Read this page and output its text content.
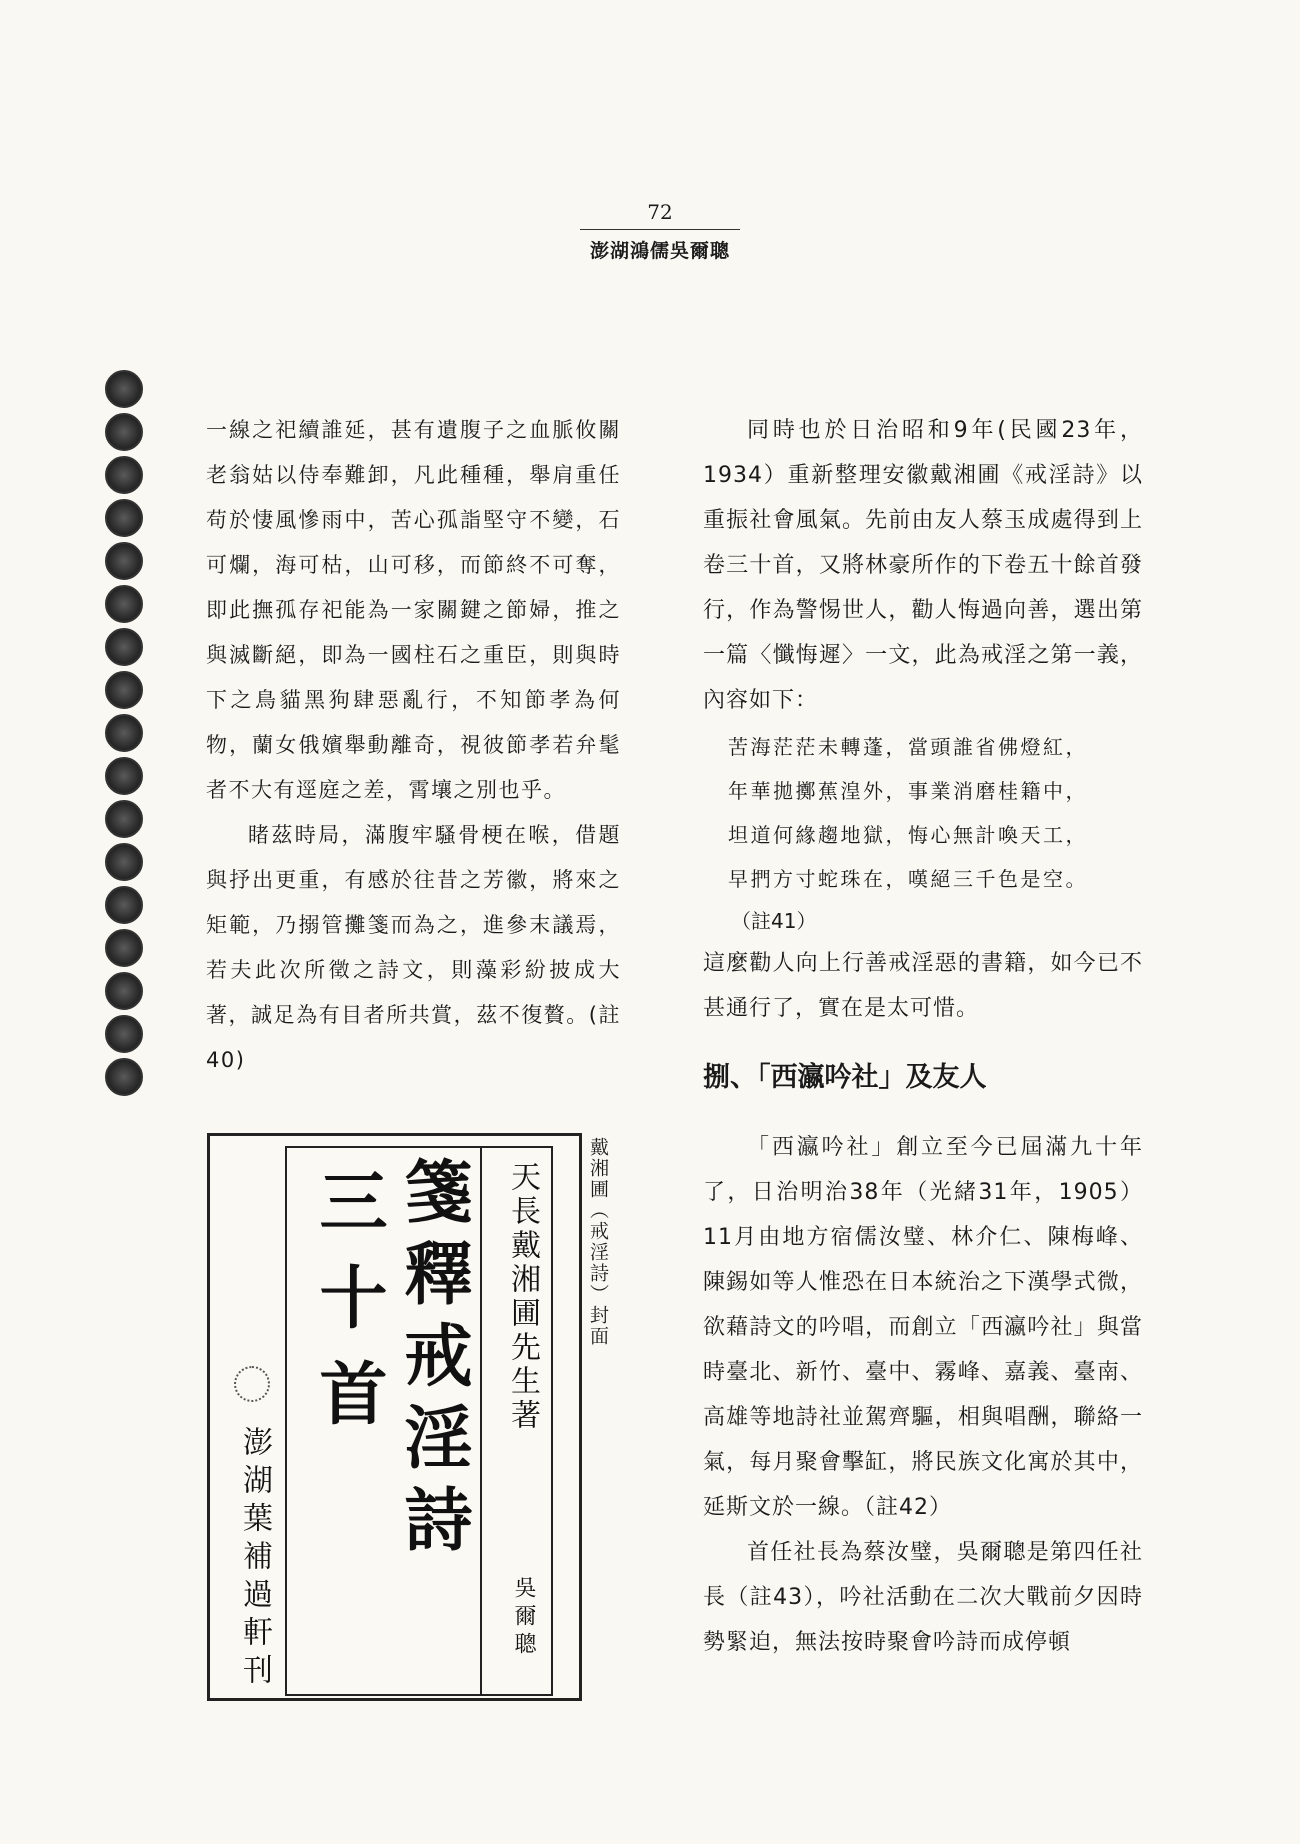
72
澎湖鴻儒吳爾聰

一線之祀續誰延，甚有遺腹子之血脈攸關老翁姑以侍奉難卸，凡此種種，舉肩重任苟於悽風慘雨中，苦心孤詣堅守不變，石可爛，海可枯，山可移，而節終不可奪，即此撫孤存祀能為一家關鍵之節婦，推之與滅斷絕，即為一國柱石之重臣，則與時下之鳥貓黑狗肆惡亂行，不知節孝為何物，蘭女俄嬪舉動離奇，視彼節孝若弁髦者不大有逕庭之差，霄壤之別也乎。

睹茲時局，滿腹牢騷骨梗在喉，借題與抒出更重，有感於往昔之芳徽，將來之矩範，乃搦管攤箋而為之，進參末議焉，若夫此次所徵之詩文，則藻彩紛披成大著，誠足為有目者所共賞，茲不復贅。(註40)

同時也於日治昭和9年(民國23年，1934）重新整理安徽戴湘圃《戒淫詩》以重振社會風氣。先前由友人蔡玉成處得到上卷三十首，又將林豪所作的下卷五十餘首發行，作為警惕世人，勸人悔過向善，選出第一篇〈懺悔遲〉一文，此為戒淫之第一義，內容如下：

苦海茫茫未轉蓬，當頭誰省佛燈紅，
年華拋擲蕉湟外，事業消磨桂籍中，
坦道何緣趨地獄，悔心無計喚天工，
早捫方寸蛇珠在，嘆絕三千色是空。
（註41）

這麼勸人向上行善戒淫惡的書籍，如今已不甚通行了，實在是太可惜。

捌、「西瀛吟社」及友人

「西瀛吟社」創立至今已屆滿九十年了，日治明治38年（光緒31年，1905）11月由地方宿儒汝璧、林介仁、陳梅峰、陳錫如等人惟恐在日本統治之下漢學式微，欲藉詩文的吟唱，而創立「西瀛吟社」與當時臺北、新竹、臺中、霧峰、嘉義、臺南、高雄等地詩社並駕齊驅，相與唱酬，聯絡一氣，每月聚會擊缸，將民族文化寓於其中，延斯文於一線。（註42）

首任社長為蔡汝璧，吳爾聰是第四任社長（註43），吟社活動在二次大戰前夕因時勢緊迫，無法按時聚會吟詩而成停頓

澎湖葉補過軒刊
三十首 箋釋戒淫詩	天長戴湘圃先生著
吳爾聰
戴湘圃（戒淫詩）封面
